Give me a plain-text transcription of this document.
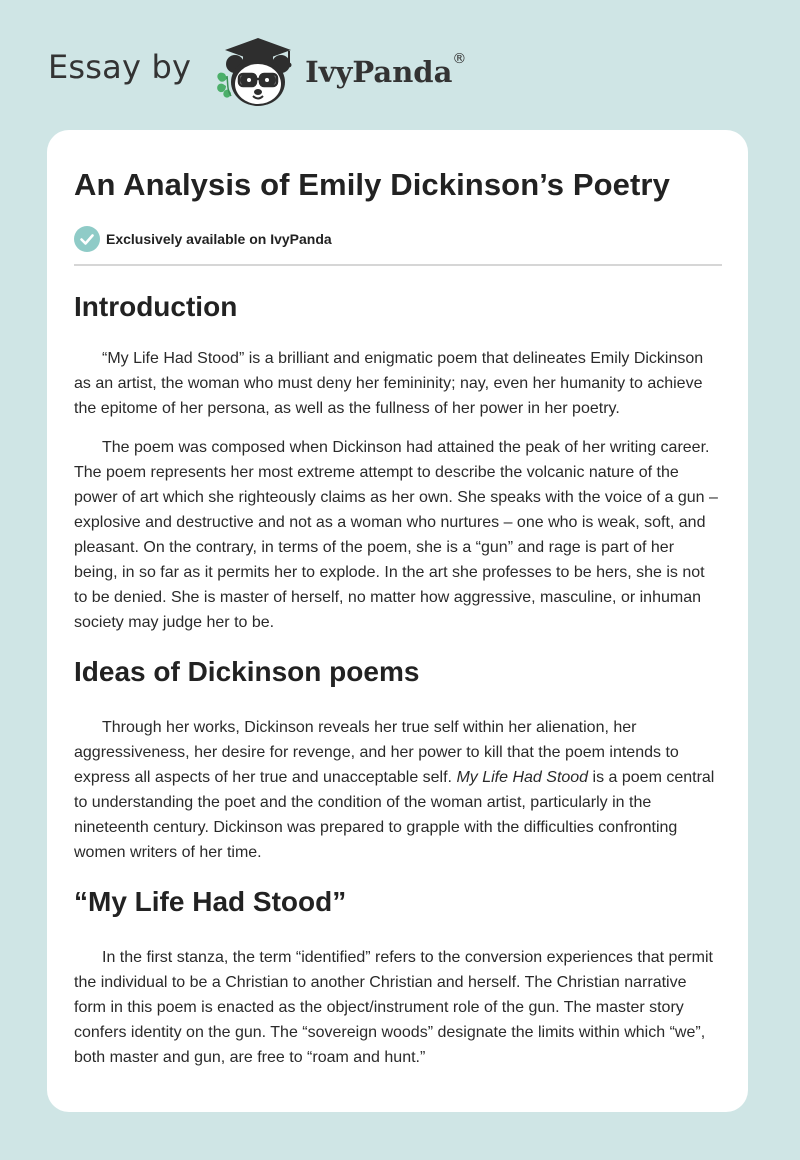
Essay by	IvyPanda®
An Analysis of Emily Dickinson’s Poetry
Exclusively available on IvyPanda
Introduction

“My Life Had Stood” is a brilliant and enigmatic poem that delineates Emily Dickinson as an artist, the woman who must deny her femininity; nay, even her humanity to achieve the epitome of her persona, as well as the fullness of her power in her poetry.

The poem was composed when Dickinson had attained the peak of her writing career. The poem represents her most extreme attempt to describe the volcanic nature of the power of art which she righteously claims as her own. She speaks with the voice of a gun – explosive and destructive and not as a woman who nurtures – one who is weak, soft, and pleasant. On the contrary, in terms of the poem, she is a “gun” and rage is part of her being, in so far as it permits her to explode. In the art she professes to be hers, she is not to be denied. She is master of herself, no matter how aggressive, masculine, or inhuman society may judge her to be.

Ideas of Dickinson poems

Through her works, Dickinson reveals her true self within her alienation, her aggressiveness, her desire for revenge, and her power to kill that the poem intends to express all aspects of her true and unacceptable self. My Life Had Stood is a poem central to understanding the poet and the condition of the woman artist, particularly in the nineteenth century. Dickinson was prepared to grapple with the difficulties confronting women writers of her time.

“My Life Had Stood”

In the first stanza, the term “identified” refers to the conversion experiences that permit the individual to be a Christian to another Christian and herself. The Christian narrative form in this poem is enacted as the object/instrument role of the gun. The master story confers identity on the gun. The “sovereign woods” designate the limits within which “we”, both master and gun, are free to “roam and hunt.”
